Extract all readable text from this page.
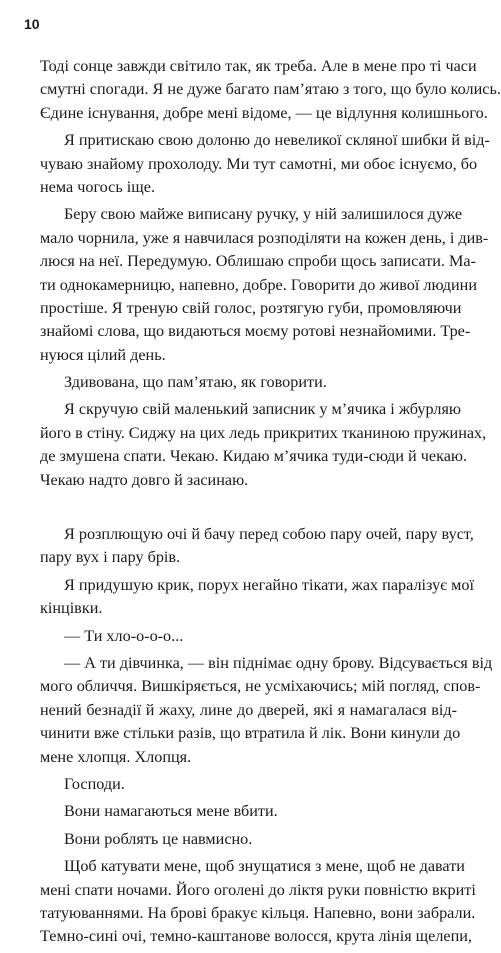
10
Тоді сонце завжди світило так, як треба. Але в мене про ті часи
смутні спогади. Я не дуже багато пам’ятаю з того, що було колись.
Єдине існування, добре мені відоме, — це відлуння колишнього.
Я притискаю свою долоню до невеликої скляної шибки й від-
чуваю знайому прохолоду. Ми тут самотні, ми обоє існуємо, бо
нема чогось іще.
Беру свою майже виписану ручку, у ній залишилося дуже
мало чорнила, уже я навчилася розподіляти на кожен день, і див-
люся на неї. Передумую. Облишаю спроби щось записати. Ма-
ти однокамерницю, напевно, добре. Говорити до живої людини
простіше. Я треную свій голос, розтягую губи, промовляючи
знайомі слова, що видаються моєму ротові незнайомими. Тре-
нуюся цілий день.
Здивована, що пам’ятаю, як говорити.
Я скручую свій маленький записник у м’ячика і жбурляю
його в стіну. Сиджу на цих ледь прикритих тканиною пружинах,
де змушена спати. Чекаю. Кидаю м’ячика туди-сюди й чекаю.
Чекаю надто довго й засинаю.
Я розплющую очі й бачу перед собою пару очей, пару вуст,
пару вух і пару брів.
Я придушую крик, порух негайно тікати, жах паралізує мої
кінцівки.
— Ти хло-о-о-о...
— А ти дівчинка, — він піднімає одну брову. Відсувається від
мого обличчя. Вишкіряється, не усміхаючись; мій погляд, спов-
нений безнадії й жаху, лине до дверей, які я намагалася від-
чинити вже стільки разів, що втратила й лік. Вони кинули до
мене хлопця. Хлопця.
Господи.
Вони намагаються мене вбити.
Вони роблять це навмисно.
Щоб катувати мене, щоб знущатися з мене, щоб не давати
мені спати ночами. Його оголені до ліктя руки повністю вкриті
татуюваннями. На брові бракує кільця. Напевно, вони забрали.
Темно-сині очі, темно-каштанове волосся, крута лінія щелепи,
